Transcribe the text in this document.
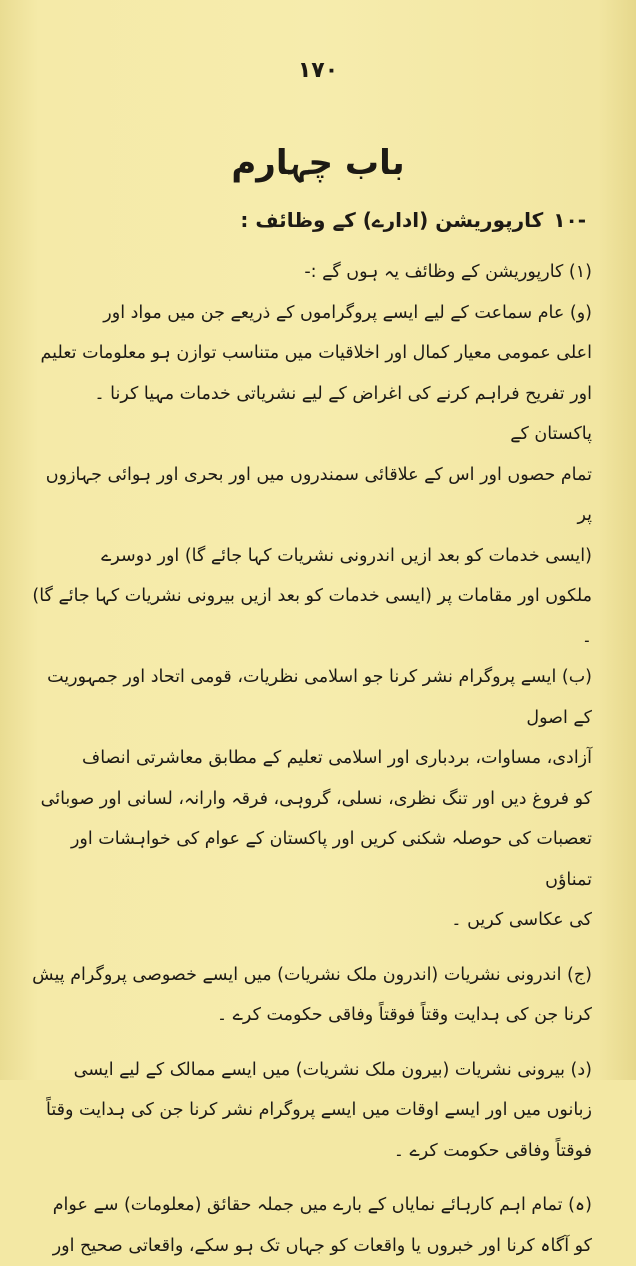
۱۷۰
باب چہارم
۱۰-
کارپوریشن (ادارے) کے وظائف :

(۱) کارپوریشن کے وظائف یہ ہوں گے :-

(و) عام سماعت کے لیے ایسے پروگراموں کے ذریعے جن میں مواد اور

اعلی عمومی معیار کمال اور اخلاقیات میں متناسب توازن ہو معلومات تعلیم

اور تفریح فراہم کرنے کی اغراض کے لیے نشریاتی خدمات مہیا کرنا ۔ پاکستان کے

تمام حصوں اور اس کے علاقائی سمندروں میں اور بحری اور ہوائی جہازوں پر

(ایسی خدمات کو بعد ازیں اندرونی نشریات کہا جائے گا) اور دوسرے

ملکوں اور مقامات پر (ایسی خدمات کو بعد ازیں بیرونی نشریات کہا جائے گا) ۔

(ب) ایسے پروگرام نشر کرنا جو اسلامی نظریات، قومی اتحاد اور جمہوریت کے اصول

آزادی، مساوات، بردباری اور اسلامی تعلیم کے مطابق معاشرتی انصاف

کو فروغ دیں اور تنگ نظری، نسلی، گروہی، فرقہ وارانہ، لسانی اور صوبائی

تعصبات کی حوصلہ شکنی کریں اور پاکستان کے عوام کی خواہشات اور تمناؤں

کی عکاسی کریں ۔

(ج) اندرونی نشریات (اندرون ملک نشریات) میں ایسے خصوصی پروگرام پیش

کرنا جن کی ہدایت وقتاً فوقتاً وفاقی حکومت کرے ۔

(د) بیرونی نشریات (بیرون ملک نشریات) میں ایسے ممالک کے لیے ایسی

زبانوں میں اور ایسے اوقات میں ایسے پروگرام نشر کرنا جن کی ہدایت وقتاً

فوقتاً وفاقی حکومت کرے ۔

(ہ) تمام اہم کارہائے نمایاں کے بارے میں جملہ حقائق (معلومات) سے عوام

کو آگاہ کرنا اور خبروں یا واقعات کو جہاں تک ہو سکے، واقعاتی صحیح اور
